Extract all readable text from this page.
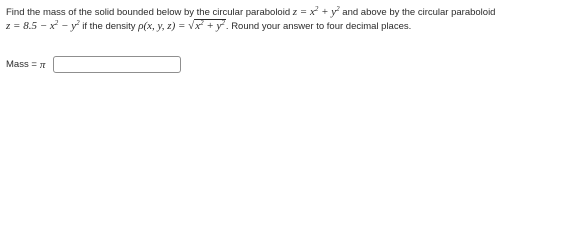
Find the mass of the solid bounded below by the circular paraboloid $z = x^2 + y^2$ and above by the circular paraboloid $z = 8.5 - x^2 - y^2$ if the density ρ(x, y, $z) = √x^2 + y^2$. Round your answer to four decimal places.
Mass = π
